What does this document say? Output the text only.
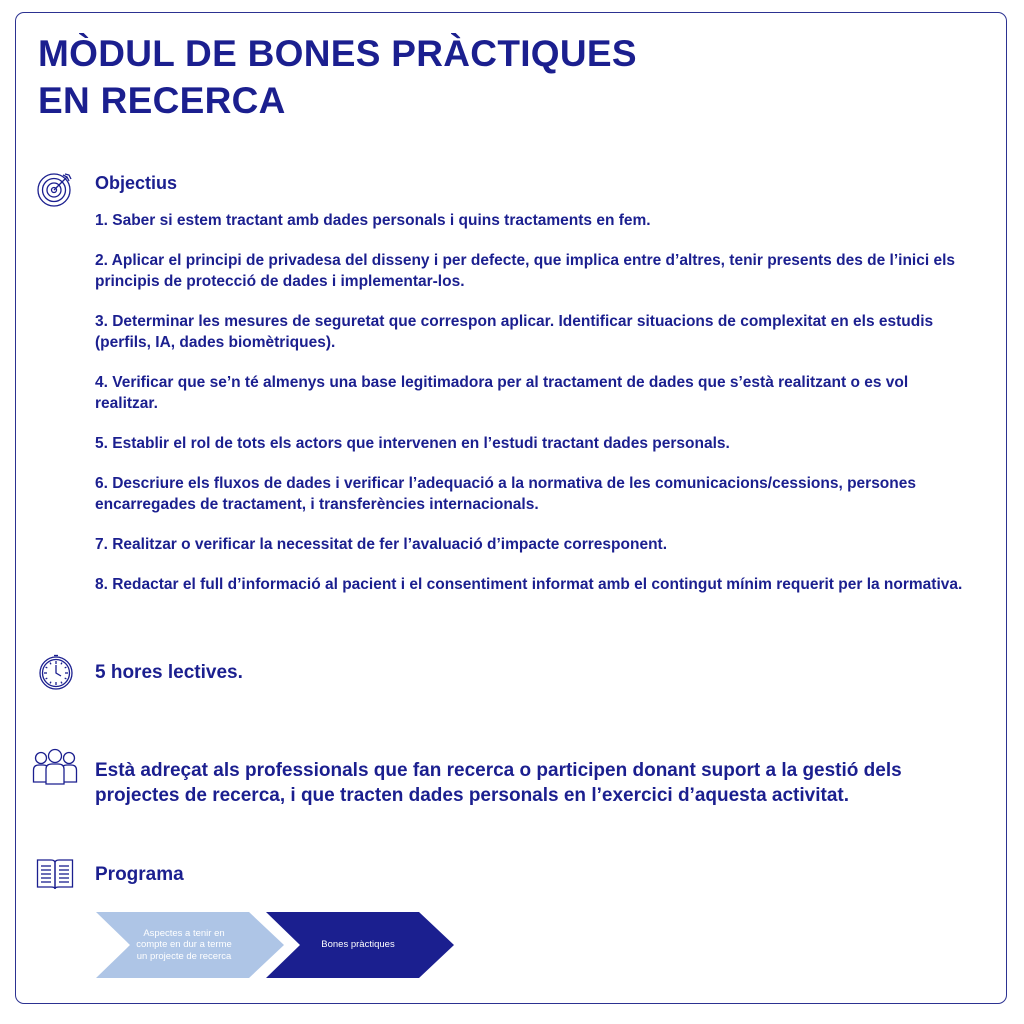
MÒDUL DE BONES PRÀCTIQUES
EN RECERCA
Objectius
1. Saber si estem tractant amb dades personals i quins tractaments en fem.
2. Aplicar el principi de privadesa del disseny i per defecte, que implica entre d’altres, tenir presents des de l’inici els principis de protecció de dades i implementar-los.
3. Determinar les mesures de seguretat que correspon aplicar. Identificar situacions de complexitat en els estudis (perfils, IA, dades biomètriques).
4. Verificar que se’n té almenys una base legitimadora per al tractament de dades que s’està realitzant o es vol realitzar.
5. Establir el rol de tots els actors que intervenen en l’estudi tractant dades personals.
6. Descriure els fluxos de dades i verificar l’adequació a la normativa de les comunicacions/cessions, persones encarregades de tractament, i transferències internacionals.
7. Realitzar o verificar la necessitat de fer l’avaluació d’impacte corresponent.
8. Redactar el full d’informació al pacient i el consentiment informat amb el contingut mínim requerit per la normativa.

5 hores lectives.

Està adreçat als professionals que fan recerca o participen donant suport a la gestió dels projectes de recerca, i que tracten dades personals en l’exercici d’aquesta activitat.

Programa
Aspectes a tenir en compte en dur a terme un projecte de recerca
Bones pràctiques
